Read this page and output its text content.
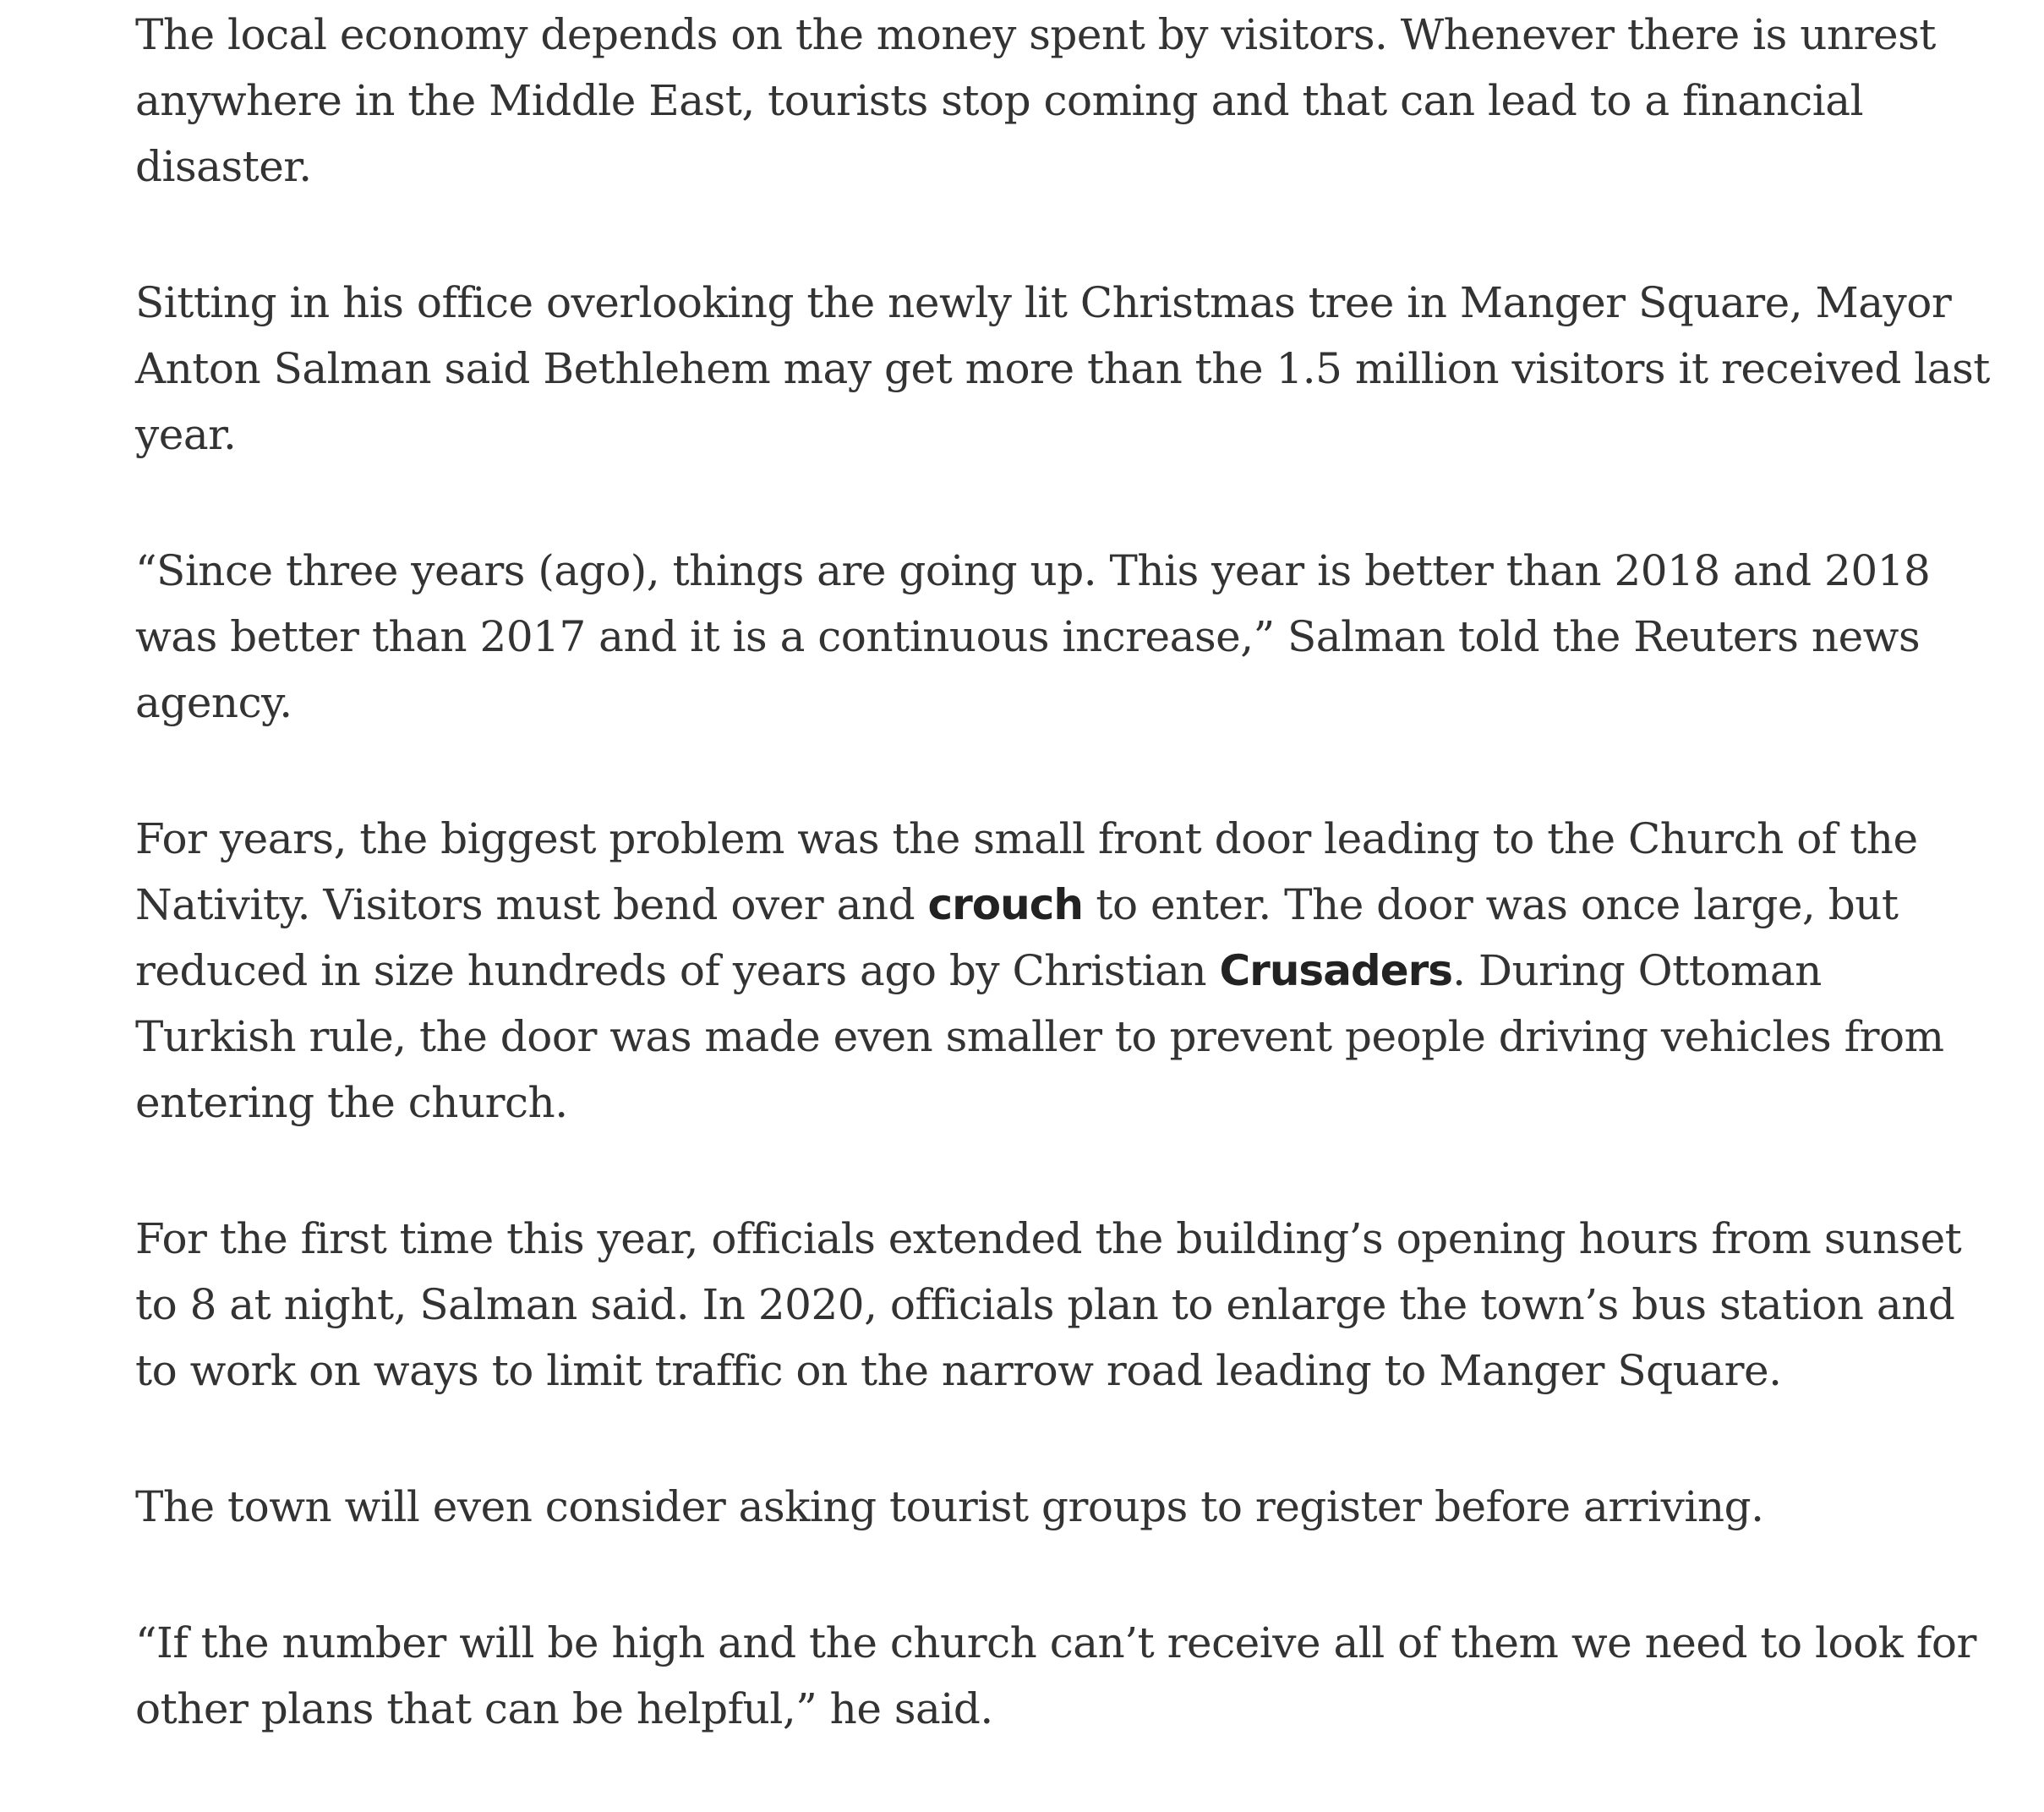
The local economy depends on the money spent by visitors. Whenever there is unrest anywhere in the Middle East, tourists stop coming and that can lead to a financial disaster.

Sitting in his office overlooking the newly lit Christmas tree in Manger Square, Mayor Anton Salman said Bethlehem may get more than the 1.5 million visitors it received last year.

“Since three years (ago), things are going up. This year is better than 2018 and 2018 was better than 2017 and it is a continuous increase,” Salman told the Reuters news agency.

For years, the biggest problem was the small front door leading to the Church of the Nativity. Visitors must bend over and crouch to enter. The door was once large, but reduced in size hundreds of years ago by Christian Crusaders. During Ottoman Turkish rule, the door was made even smaller to prevent people driving vehicles from entering the church.

For the first time this year, officials extended the building’s opening hours from sunset to 8 at night, Salman said. In 2020, officials plan to enlarge the town’s bus station and to work on ways to limit traffic on the narrow road leading to Manger Square.

The town will even consider asking tourist groups to register before arriving.

“If the number will be high and the church can’t receive all of them we need to look for other plans that can be helpful,” he said.
